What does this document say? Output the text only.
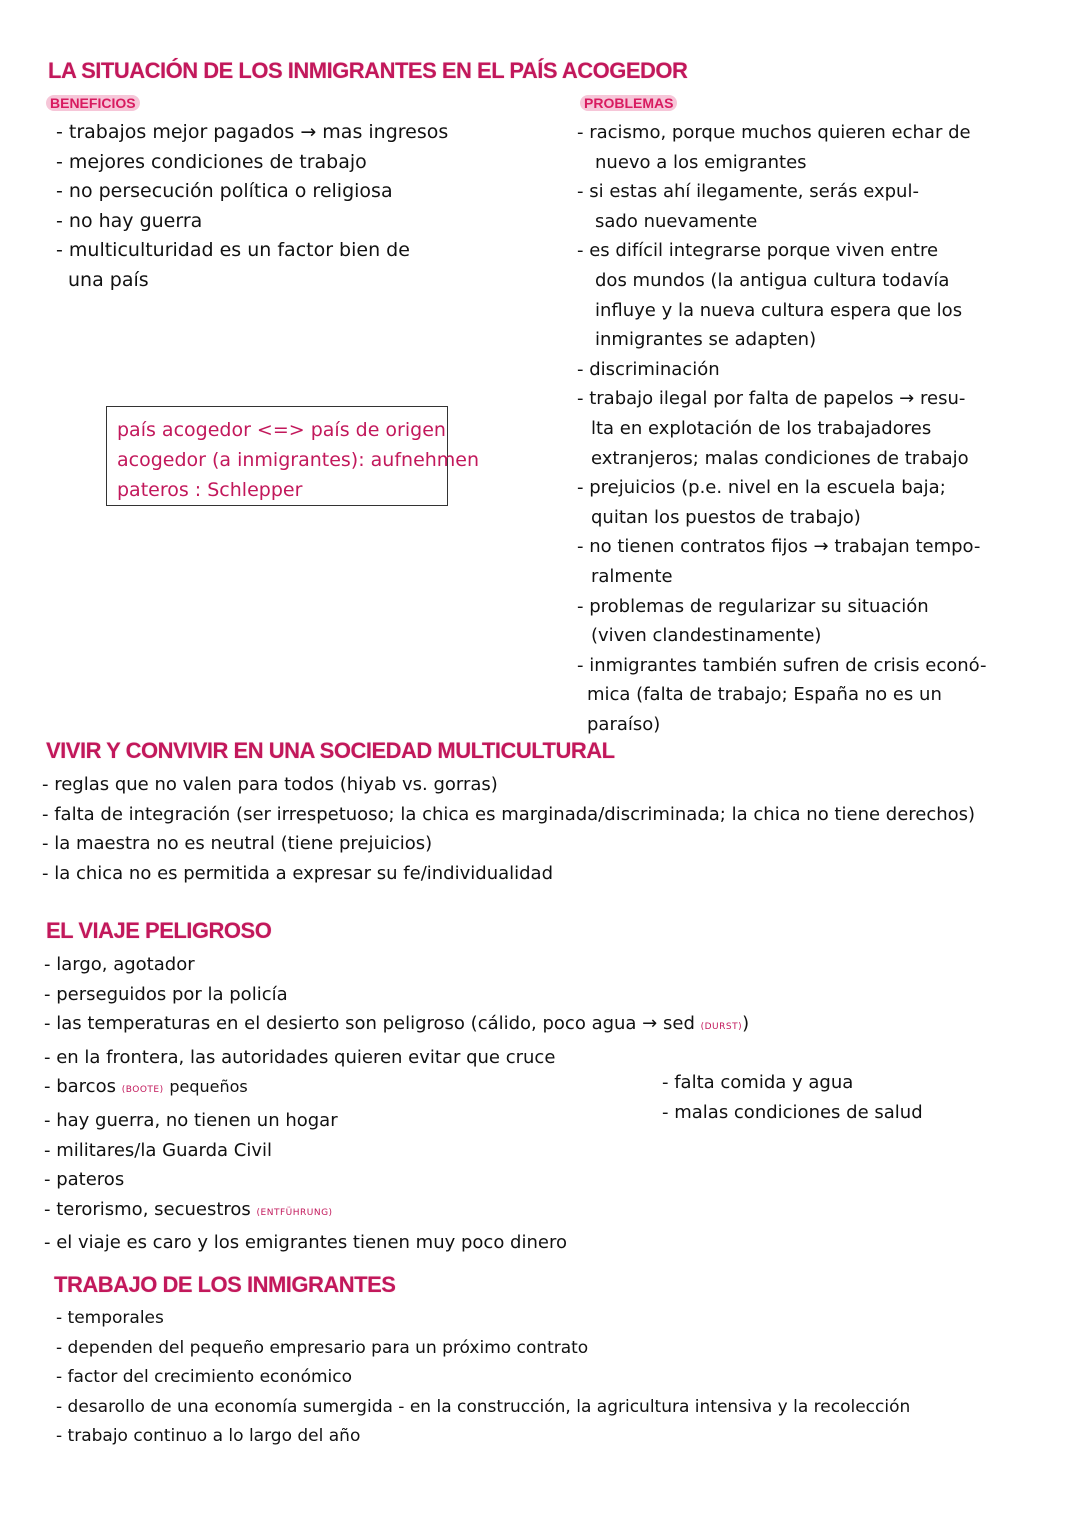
LA SITUACIÓN DE LOS INMIGRANTES EN EL PAÍS ACOGEDOR
BENEFICIOS
- trabajos mejor pagados → mas ingresos
- mejores condiciones de trabajo
- no persecución política o religiosa
- no hay guerra
- multiculturidad es un factor bien de
una país
PROBLEMAS
- racismo, porque muchos quieren echar de
nuevo a los emigrantes
- si estas ahí ilegamente, serás expul-
sado nuevamente
- es difícil integrarse porque viven entre
dos mundos (la antigua cultura todavía
influye y la nueva cultura espera que los
inmigrantes se adapten)
- discriminación
- trabajo ilegal por falta de papelos → resu-
lta en explotación de los trabajadores
extranjeros; malas condiciones de trabajo
- prejuicios (p.e. nivel en la escuela baja;
quitan los puestos de trabajo)
- no tienen contratos fijos → trabajan tempo-
ralmente
- problemas de regularizar su situación
(viven clandestinamente)
- inmigrantes también sufren de crisis econó-
mica (falta de trabajo; España no es un
paraíso)
país acogedor <=> país de origen
acogedor (a inmigrantes): aufnehmen
pateros : Schlepper
VIVIR Y CONVIVIR EN UNA SOCIEDAD MULTICULTURAL
- reglas que no valen para todos (hiyab vs. gorras)
- falta de integración (ser irrespetuoso; la chica es marginada/discriminada; la chica no tiene derechos)
- la maestra no es neutral (tiene prejuicios)
- la chica no es permitida a expresar su fe/individualidad
EL VIAJE PELIGROSO
- largo, agotador
- perseguidos por la policía
- las temperaturas en el desierto son peligroso (cálido, poco agua → sed (DURST))
- en la frontera, las autoridades quieren evitar que cruce
- barcos (BOOTE) pequeños
- hay guerra, no tienen un hogar
- militares/la Guarda Civil
- pateros
- terorismo, secuestros (ENTFÜHRUNG)
- el viaje es caro y los emigrantes tienen muy poco dinero
- falta comida y agua
- malas condiciones de salud
TRABAJO DE LOS INMIGRANTES
- temporales
- dependen del pequeño empresario para un próximo contrato
- factor del crecimiento económico
- desarollo de una economía sumergida - en la construcción, la agricultura intensiva y la recolección
- trabajo continuo a lo largo del año
